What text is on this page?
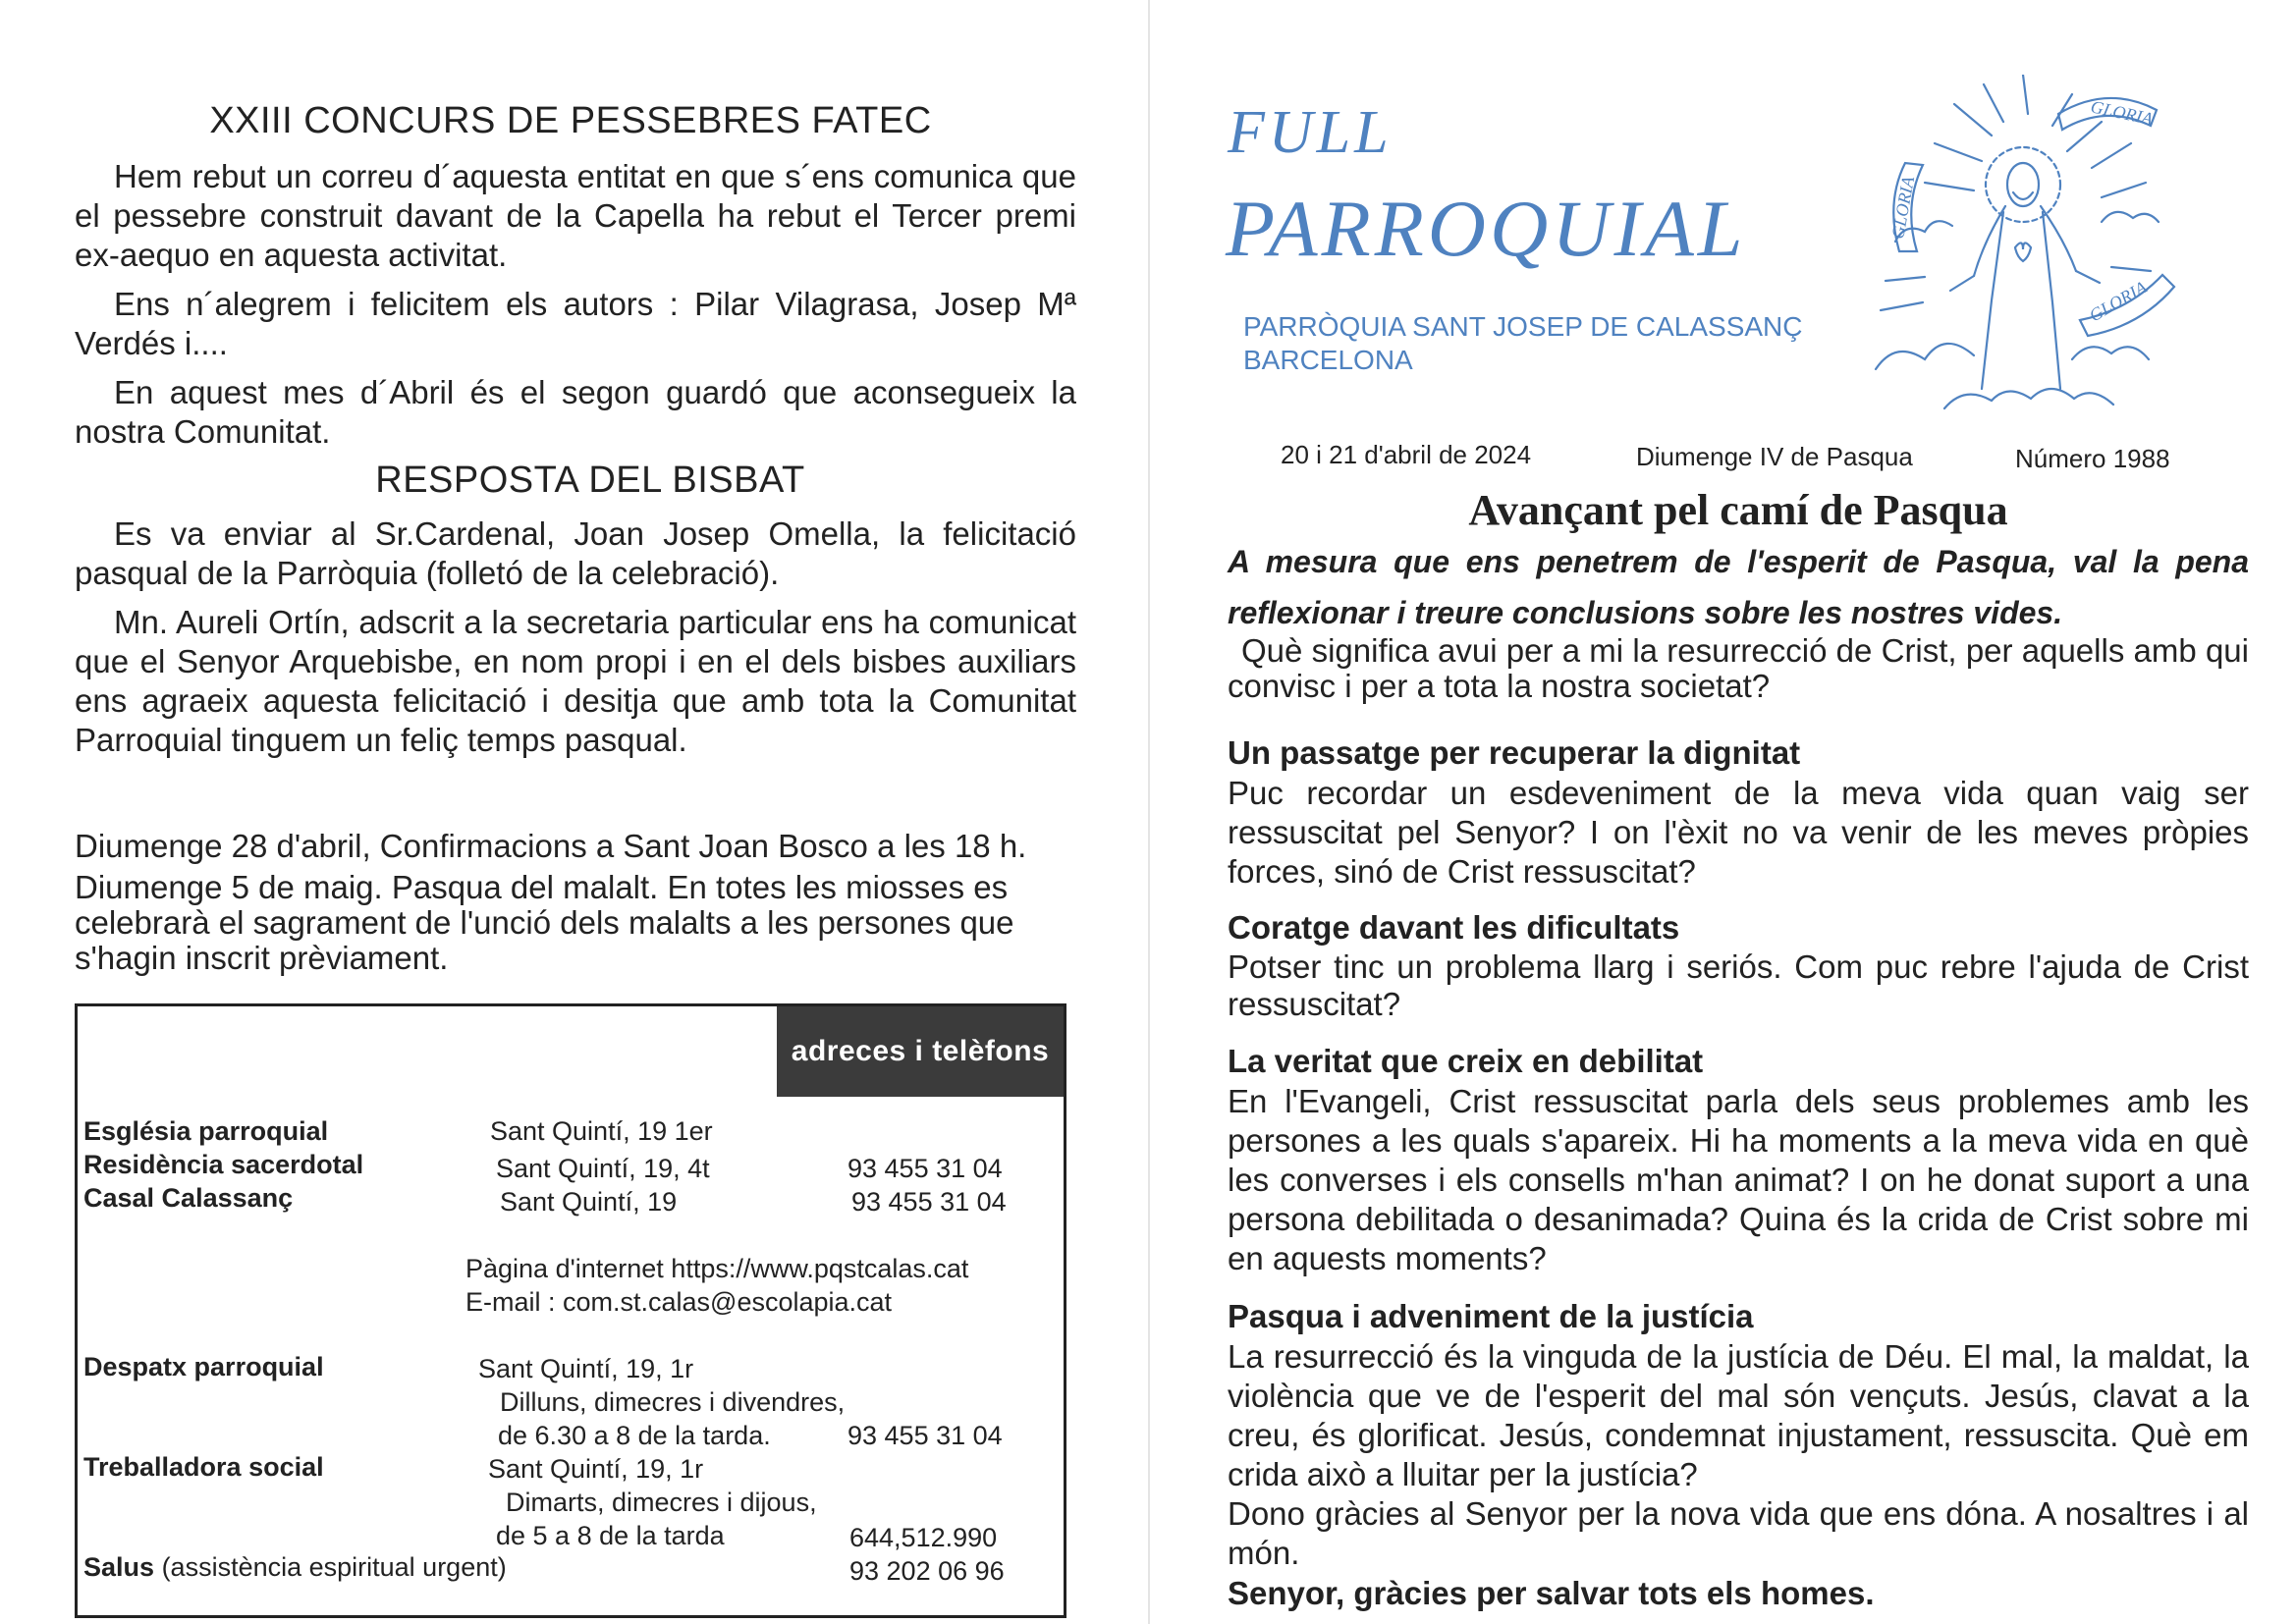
XXIII CONCURS DE PESSEBRES FATEC
Hem rebut un correu d´aquesta entitat en que s´ens comunica que el pessebre construit davant de la Capella ha rebut el Tercer premi ex-aequo en aquesta activitat.
Ens n´alegrem i felicitem els autors : Pilar Vilagrasa, Josep Mª Verdés i....
En aquest mes d´Abril és el segon guardó que aconsegueix la nostra Comunitat.
RESPOSTA DEL BISBAT
Es va enviar al Sr.Cardenal, Joan Josep Omella, la felicitació pasqual de la Parròquia (folletó de la celebració).
Mn. Aureli Ortín, adscrit a la secretaria particular ens ha comunicat que el Senyor Arquebisbe, en nom propi i en el dels bisbes auxiliars ens agraeix aquesta felicitació i desitja que amb tota la Comunitat Parroquial tinguem un feliç temps pasqual.
Diumenge 28 d'abril, Confirmacions a Sant Joan Bosco a les 18 h.
Diumenge 5 de maig. Pasqua del malalt. En totes les miosses es celebrarà el sagrament de l'unció dels malalts a les persones que s'hagin inscrit prèviament.
adreces i telèfons
Església parroquial	Sant Quintí, 19 1er
Residència sacerdotal	Sant Quintí, 19, 4t	93 455 31 04
Casal Calassanç	Sant Quintí, 19	93 455 31 04
Pàgina d'internet https://www.pqstcalas.cat
E-mail : com.st.calas@escolapia.cat
Despatx parroquial	Sant Quintí, 19, 1r
Dilluns, dimecres i divendres,
de 6.30 a 8 de la tarda.	93 455 31 04
Treballadora social	Sant Quintí, 19, 1r
Dimarts, dimecres i dijous,
de 5 a 8 de la tarda	644,512.990
Salus (assistència espiritual urgent)	93 202 06 96
FULL
PARROQUIAL
PARRÒQUIA SANT JOSEP DE CALASSANÇ
BARCELONA
GLORIA
GLORIA
GLORIA
20 i 21 d'abril de 2024	Diumenge IV de Pasqua	Número 1988
Avançant pel camí de Pasqua
A mesura que ens penetrem de l'esperit de Pasqua, val la pena reflexionar i treure conclusions sobre les nostres vides.
Què significa avui per a mi la resurrecció de Crist, per aquells amb qui convisc i per a tota la nostra societat?
Un passatge per recuperar la dignitat
Puc recordar un esdeveniment de la meva vida quan vaig ser ressuscitat pel Senyor? I on l'èxit no va venir de les meves pròpies forces, sinó de Crist ressuscitat?
Coratge davant les dificultats
Potser tinc un problema llarg i seriós. Com puc rebre l'ajuda de Crist ressuscitat?
La veritat que creix en debilitat
En l'Evangeli, Crist ressuscitat parla dels seus problemes amb les persones a les quals s'apareix. Hi ha moments a la meva vida en què les converses i els consells m'han animat? I on he donat suport a una persona debilitada o desanimada? Quina és la crida de Crist sobre mi en aquests moments?
Pasqua i adveniment de la justícia
La resurrecció és la vinguda de la justícia de Déu. El mal, la maldat, la violència que ve de l'esperit del mal són vençuts. Jesús, clavat a la creu, és glorificat. Jesús, condemnat injustament, ressuscita. Què em crida això a lluitar per la justícia?
Dono gràcies al Senyor per la nova vida que ens dóna. A nosaltres i al món.
Senyor, gràcies per salvar tots els homes.
